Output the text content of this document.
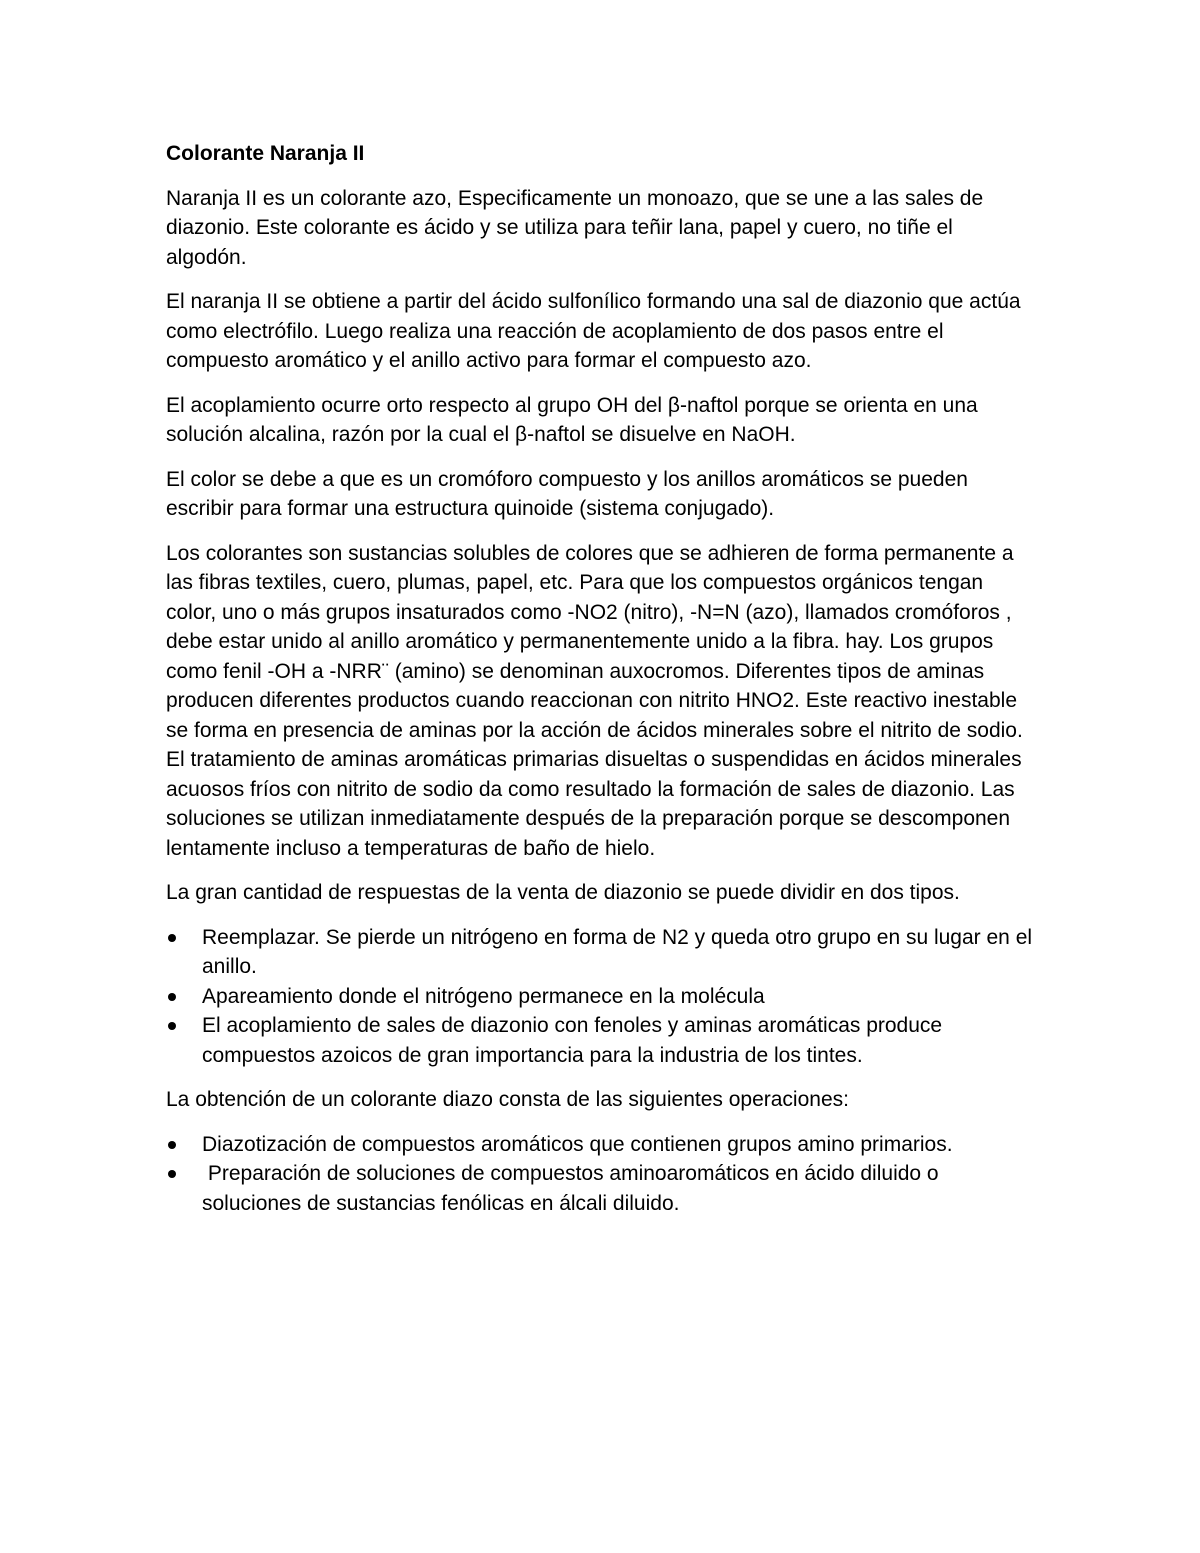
Colorante Naranja II

Naranja II es un colorante azo, Especificamente un monoazo, que se une a las sales de diazonio. Este colorante es ácido y se utiliza para teñir lana, papel y cuero, no tiñe el algodón.

El naranja II se obtiene a partir del ácido sulfonílico formando una sal de diazonio que actúa como electrófilo. Luego realiza una reacción de acoplamiento de dos pasos entre el compuesto aromático y el anillo activo para formar el compuesto azo.

El acoplamiento ocurre orto respecto al grupo OH del β-naftol porque se orienta en una solución alcalina, razón por la cual el β-naftol se disuelve en NaOH.

El color se debe a que es un cromóforo compuesto y los anillos aromáticos se pueden escribir para formar una estructura quinoide (sistema conjugado).

Los colorantes son sustancias solubles de colores que se adhieren de forma permanente a las fibras textiles, cuero, plumas, papel, etc. Para que los compuestos orgánicos tengan color, uno o más grupos insaturados como -NO2 (nitro), -N=N (azo), llamados cromóforos , debe estar unido al anillo aromático y permanentemente unido a la fibra. hay. Los grupos como fenil -OH a -NRR¨ (amino) se denominan auxocromos. Diferentes tipos de aminas producen diferentes productos cuando reaccionan con nitrito HNO2. Este reactivo inestable se forma en presencia de aminas por la acción de ácidos minerales sobre el nitrito de sodio. El tratamiento de aminas aromáticas primarias disueltas o suspendidas en ácidos minerales acuosos fríos con nitrito de sodio da como resultado la formación de sales de diazonio. Las soluciones se utilizan inmediatamente después de la preparación porque se descomponen lentamente incluso a temperaturas de baño de hielo.

La gran cantidad de respuestas de la venta de diazonio se puede dividir en dos tipos.

Reemplazar. Se pierde un nitrógeno en forma de N2 y queda otro grupo en su lugar en el anillo.
Apareamiento donde el nitrógeno permanece en la molécula
El acoplamiento de sales de diazonio con fenoles y aminas aromáticas produce compuestos azoicos de gran importancia para la industria de los tintes.

La obtención de un colorante diazo consta de las siguientes operaciones:

Diazotización de compuestos aromáticos que contienen grupos amino primarios.
Preparación de soluciones de compuestos aminoaromáticos en ácido diluido o soluciones de sustancias fenólicas en álcali diluido.
